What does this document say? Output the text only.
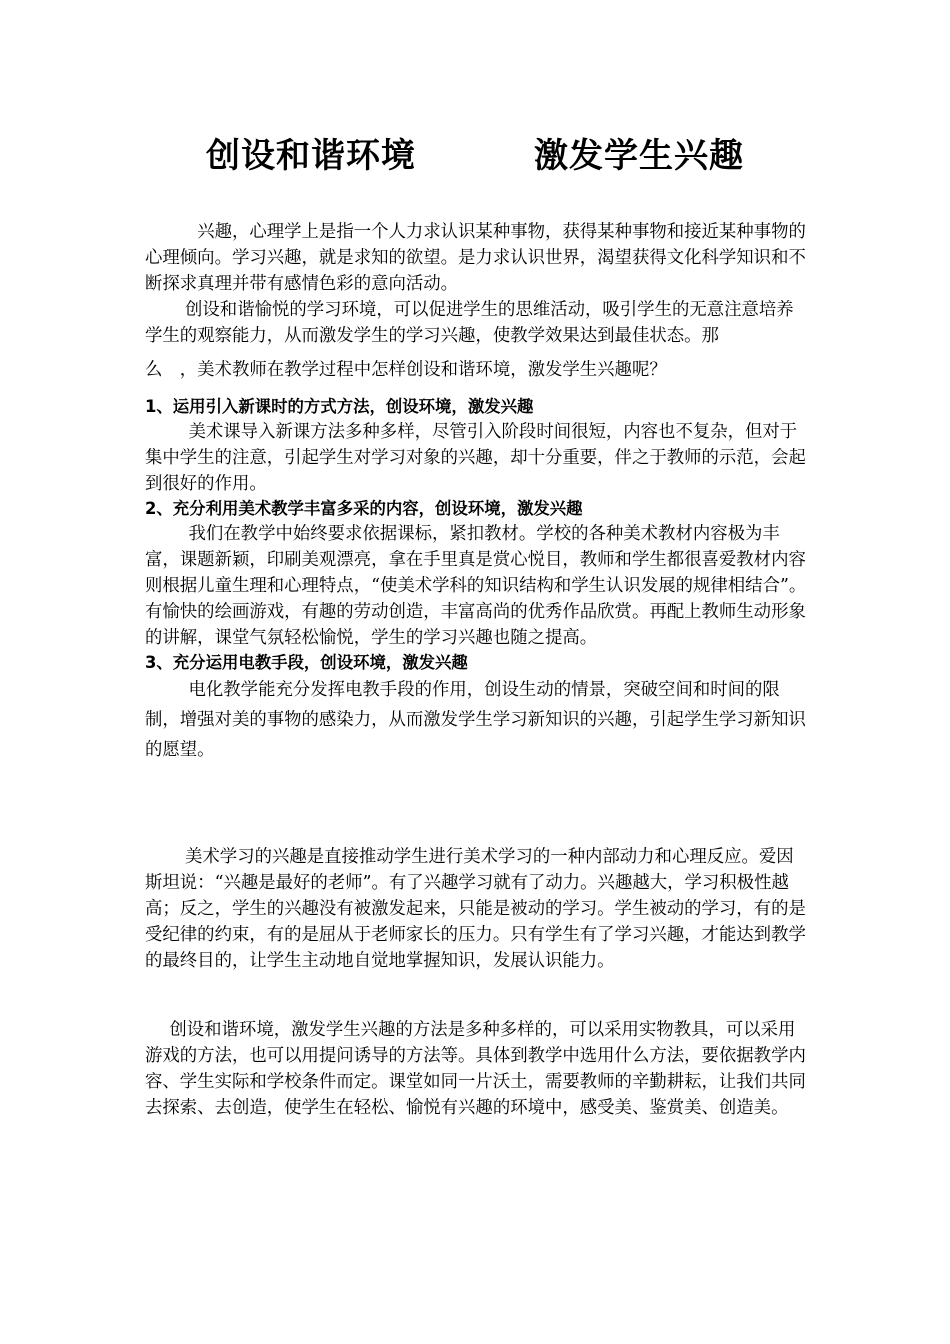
创设和谐环境	激发学生兴趣

兴趣，心理学上是指一个人力求认识某种事物，获得某种事物和接近某种事物的心理倾向。学习兴趣，就是求知的欲望。是力求认识世界，渴望获得文化科学知识和不断探求真理并带有感情色彩的意向活动。

创设和谐愉悦的学习环境，可以促进学生的思维活动，吸引学生的无意注意培养学生的观察能力，从而激发学生的学习兴趣，使教学效果达到最佳状态。那

么　，美术教师在教学过程中怎样创设和谐环境，激发学生兴趣呢？

1、运用引入新课时的方式方法，创设环境，激发兴趣

美术课导入新课方法多种多样，尽管引入阶段时间很短，内容也不复杂，但对于集中学生的注意，引起学生对学习对象的兴趣，却十分重要，伴之于教师的示范，会起到很好的作用。

2、充分利用美术教学丰富多采的内容，创设环境，激发兴趣

我们在教学中始终要求依据课标，紧扣教材。学校的各种美术教材内容极为丰富，课题新颖，印刷美观漂亮，拿在手里真是赏心悦目，教师和学生都很喜爱教材内容则根据儿童生理和心理特点，“使美术学科的知识结构和学生认识发展的规律相结合”。有愉快的绘画游戏，有趣的劳动创造，丰富高尚的优秀作品欣赏。再配上教师生动形象的讲解，课堂气氛轻松愉悦，学生的学习兴趣也随之提高。

3、充分运用电教手段，创设环境，激发兴趣

电化教学能充分发挥电教手段的作用，创设生动的情景，突破空间和时间的限制，增强对美的事物的感染力，从而激发学生学习新知识的兴趣，引起学生学习新知识的愿望。

美术学习的兴趣是直接推动学生进行美术学习的一种内部动力和心理反应。爱因斯坦说：“兴趣是最好的老师”。有了兴趣学习就有了动力。兴趣越大，学习积极性越高；反之，学生的兴趣没有被激发起来，只能是被动的学习。学生被动的学习，有的是受纪律的约束，有的是屈从于老师家长的压力。只有学生有了学习兴趣，才能达到教学的最终目的，让学生主动地自觉地掌握知识，发展认识能力。

创设和谐环境，激发学生兴趣的方法是多种多样的，可以采用实物教具，可以采用游戏的方法，也可以用提问诱导的方法等。具体到教学中选用什么方法，要依据教学内容、学生实际和学校条件而定。课堂如同一片沃土，需要教师的辛勤耕耘，让我们共同去探索、去创造，使学生在轻松、愉悦有兴趣的环境中，感受美、鉴赏美、创造美。
